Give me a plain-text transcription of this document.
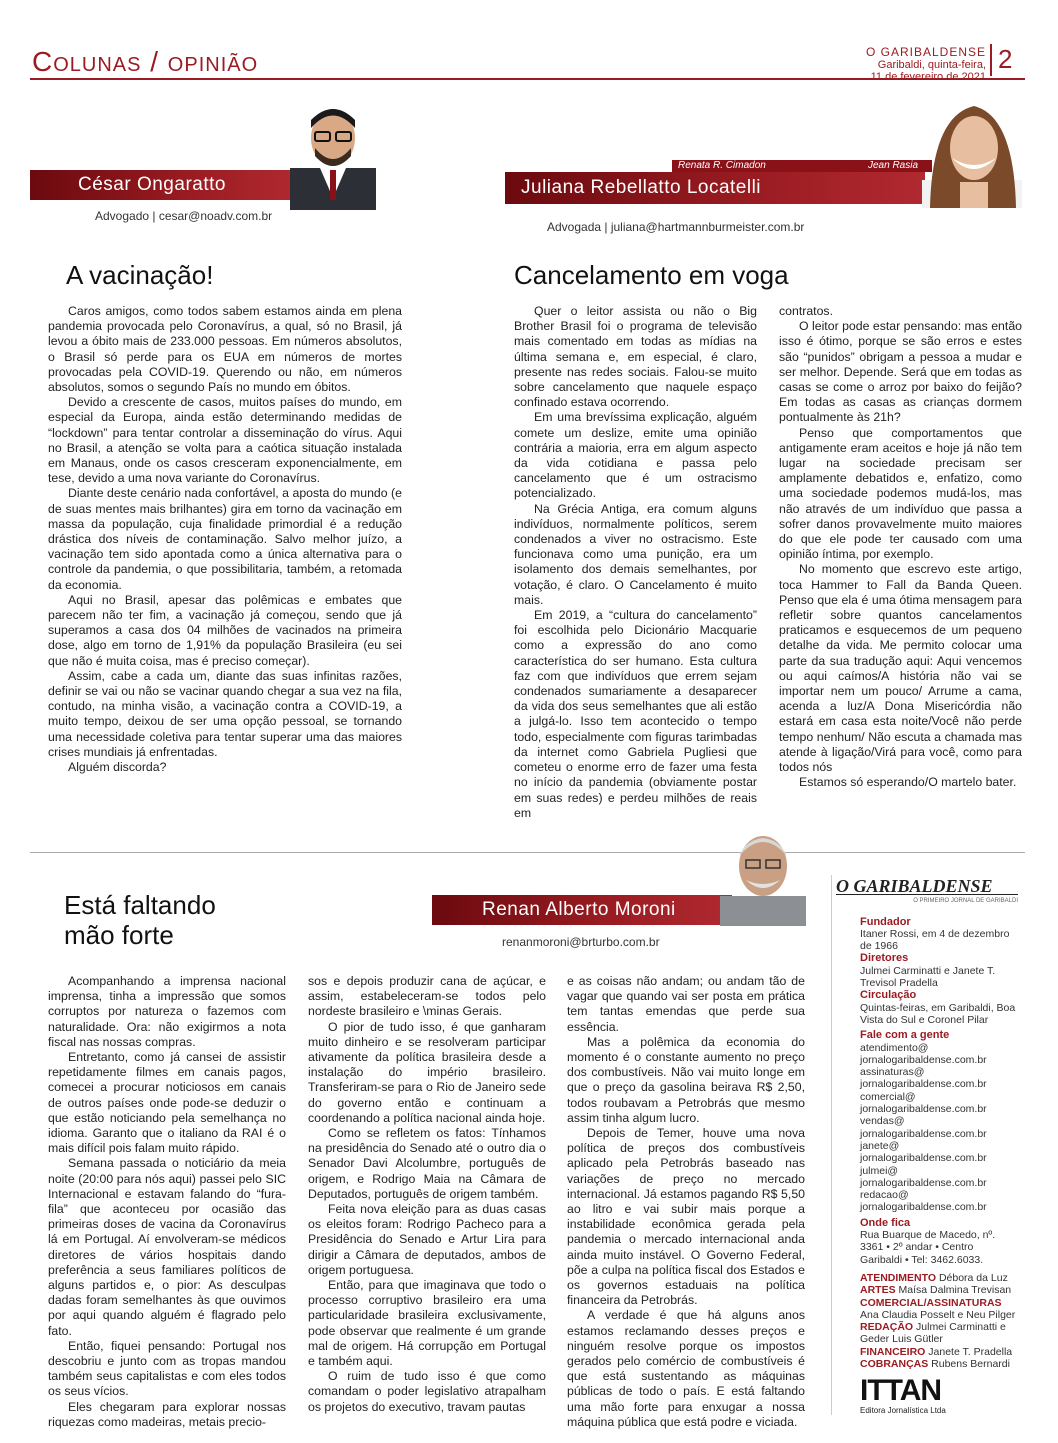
Colunas / opinião	O GARIBALDENSE
Garibaldi, quinta-feira,
11 de fevereiro de 2021
2
César Ongaratto
Advogado | cesar@noadv.com.br
A vacinação!

Caros amigos, como todos sabem estamos ainda em plena pandemia provocada pelo Coronavírus, a qual, só no Brasil, já levou a óbito mais de 233.000 pessoas. Em números absolutos, o Brasil só perde para os EUA em números de mortes provocadas pela COVID-19. Querendo ou não, em números absolutos, somos o segundo País no mundo em óbitos.

Devido a crescente de casos, muitos países do mundo, em especial da Europa, ainda estão determinando medidas de “lockdown” para tentar controlar a disseminação do vírus. Aqui no Brasil, a atenção se volta para a caótica situação instalada em Manaus, onde os casos cresceram exponencialmente, em tese, devido a uma nova variante do Coronavírus.

Diante deste cenário nada confortável, a aposta do mundo (e de suas mentes mais brilhantes) gira em torno da vacinação em massa da população, cuja finalidade primordial é a redução drástica dos níveis de contaminação. Salvo melhor juízo, a vacinação tem sido apontada como a única alternativa para o controle da pandemia, o que possibilitaria, também, a retomada da economia.

Aqui no Brasil, apesar das polêmicas e embates que parecem não ter fim, a vacinação já começou, sendo que já superamos a casa dos 04 milhões de vacinados na primeira dose, algo em torno de 1,91% da população Brasileira (eu sei que não é muita coisa, mas é preciso começar).

Assim, cabe a cada um, diante das suas infinitas razões, definir se vai ou não se vacinar quando chegar a sua vez na fila, contudo, na minha visão, a vacinação contra a COVID-19, a muito tempo, deixou de ser uma opção pessoal, se tornando uma necessidade coletiva para tentar superar uma das maiores crises mundiais já enfrentadas.

Alguém discorda?

Juliana Rebellatto Locatelli
Renata R. Cimadon	Jean Rasia
Advogada | juliana@hartmannburmeister.com.br
Cancelamento em voga

Quer o leitor assista ou não o Big Brother Brasil foi o programa de televisão mais comentado em todas as mídias na última semana e, em especial, é claro, presente nas redes sociais. Falou-se muito sobre cancelamento que naquele espaço confinado estava ocorrendo.

Em uma brevíssima explicação, alguém comete um deslize, emite uma opinião contrária a maioria, erra em algum aspecto da vida cotidiana e passa pelo cancelamento que é um ostracismo potencializado.

Na Grécia Antiga, era comum alguns indivíduos, normalmente políticos, serem condenados a viver no ostracismo. Este funcionava como uma punição, era um isolamento dos demais semelhantes, por votação, é claro. O Cancelamento é muito mais.

Em 2019, a “cultura do cancelamento” foi escolhida pelo Dicionário Macquarie como a expressão do ano como característica do ser humano. Esta cultura faz com que indivíduos que errem sejam condenados sumariamente a desaparecer da vida dos seus semelhantes que ali estão a julgá-lo. Isso tem acontecido o tempo todo, especialmente com figuras tarimbadas da internet como Gabriela Pugliesi que cometeu o enorme erro de fazer uma festa no início da pandemia (obviamente postar em suas redes) e perdeu milhões de reais em

contratos.

O leitor pode estar pensando: mas então isso é ótimo, porque se são erros e estes são “punidos” obrigam a pessoa a mudar e ser melhor. Depende. Será que em todas as casas se come o arroz por baixo do feijão? Em todas as casas as crianças dormem pontualmente às 21h?

Penso que comportamentos que antigamente eram aceitos e hoje já não tem lugar na sociedade precisam ser amplamente debatidos e, enfatizo, como uma sociedade podemos mudá-los, mas não através de um indivíduo que passa a sofrer danos provavelmente muito maiores do que ele pode ter causado com uma opinião íntima, por exemplo.

No momento que escrevo este artigo, toca Hammer to Fall da Banda Queen. Penso que ela é uma ótima mensagem para refletir sobre quantos cancelamentos praticamos e esquecemos de um pequeno detalhe da vida. Me permito colocar uma parte da sua tradução aqui: Aqui vencemos ou aqui caímos/A história não vai se importar nem um pouco/ Arrume a cama, acenda a luz/A Dona Misericórdia não estará em casa esta noite/Você não perde tempo nenhum/ Não escuta a chamada mas atende à ligação/Virá para você, como para todos nós

Estamos só esperando/O martelo bater.

Renan Alberto Moroni
renanmoroni@brturbo.com.br
Está faltando
mão forte

Acompanhando a imprensa nacional imprensa, tinha a impressão que somos corruptos por natureza o fazemos com naturalidade. Ora: não exigirmos a nota fiscal nas nossas compras.

Entretanto, como já cansei de assistir repetidamente filmes em canais pagos, comecei a procurar noticiosos em canais de outros países onde pode-se deduzir o que estão noticiando pela semelhança no idioma. Garanto que o italiano da RAI é o mais difícil pois falam muito rápido.

Semana passada o noticiário da meia noite (20:00 para nós aqui) passei pelo SIC Internacional e estavam falando do “fura-fila” que aconteceu por ocasião das primeiras doses de vacina da Coronavírus lá em Portugal. Aí envolveram-se médicos diretores de vários hospitais dando preferência a seus familiares políticos de alguns partidos e, o pior: As desculpas dadas foram semelhantes às que ouvimos por aqui quando alguém é flagrado pelo fato.

Então, fiquei pensando: Portugal nos descobriu e junto com as tropas mandou também seus capitalistas e com eles todos os seus vícios.

Eles chegaram para explorar nossas riquezas como madeiras, metais precio-

sos e depois produzir cana de açúcar, e assim, estabeleceram-se todos pelo nordeste brasileiro e \minas Gerais.

O pior de tudo isso, é que ganharam muito dinheiro e se resolveram participar ativamente da política brasileira desde a instalação do império brasileiro. Transferiram-se para o Rio de Janeiro sede do governo então e continuam a coordenando a política nacional ainda hoje.

Como se refletem os fatos: Tínhamos na presidência do Senado até o outro dia o Senador Davi Alcolumbre, português de origem, e Rodrigo Maia na Câmara de Deputados, português de origem também.

Feita nova eleição para as duas casas os eleitos foram: Rodrigo Pacheco para a Presidência do Senado e Artur Lira para dirigir a Câmara de deputados, ambos de origem portuguesa.

Então, para que imaginava que todo o processo corruptivo brasileiro era uma particularidade brasileira exclusivamente, pode observar que realmente é um grande mal de origem. Há corrupção em Portugal e também aqui.

O ruim de tudo isso é que como comandam o poder legislativo atrapalham os projetos do executivo, travam pautas

e as coisas não andam; ou andam tão de vagar que quando vai ser posta em prática tem tantas emendas que perde sua essência.

Mas a polêmica da economia do momento é o constante aumento no preço dos combustíveis. Não vai muito longe em que o preço da gasolina beirava R$ 2,50, todos roubavam a Petrobrás que mesmo assim tinha algum lucro.

Depois de Temer, houve uma nova política de preços dos combustíveis aplicado pela Petrobrás baseado nas variações de preço no mercado internacional. Já estamos pagando R$ 5,50 ao litro e vai subir mais porque a instabilidade econômica gerada pela pandemia o mercado internacional anda ainda muito instável. O Governo Federal, põe a culpa na política fiscal dos Estados e os governos estaduais na política financeira da Petrobrás.

A verdade é que há alguns anos estamos reclamando desses preços e ninguém resolve porque os impostos gerados pelo comércio de combustíveis é que está sustentando as máquinas públicas de todo o país. E está faltando uma mão forte para enxugar a nossa máquina pública que está podre e viciada.

O GARIBALDENSE
O PRIMEIRO JORNAL DE GARIBALDI
Fundador
Itaner Rossi, em 4 de dezembro de 1966
Diretores
Julmei Carminatti e Janete T. Trevisol Pradella
Circulação
Quintas-feiras, em Garibaldi, Boa Vista do Sul e Coronel Pilar
Fale com a gente
atendimento@
jornalogaribaldense.com.br
assinaturas@
jornalogaribaldense.com.br
comercial@
jornalogaribaldense.com.br
vendas@
jornalogaribaldense.com.br
janete@
jornalogaribaldense.com.br
julmei@
jornalogaribaldense.com.br
redacao@
jornalogaribaldense.com.br
Onde fica
Rua Buarque de Macedo, nº. 3361 • 2º andar • Centro Garibaldi • Tel: 3462.6033.
ATENDIMENTO Débora da Luz
ARTES Maísa Dalmina Trevisan
COMERCIAL/ASSINATURAS Ana Claudia Posselt e Neu Pilger
REDAÇÃO Julmei Carminatti e Geder Luis Gütler
FINANCEIRO Janete T. Pradella
COBRANÇAS Rubens Bernardi
ITTAN
Editora Jornalística Ltda
